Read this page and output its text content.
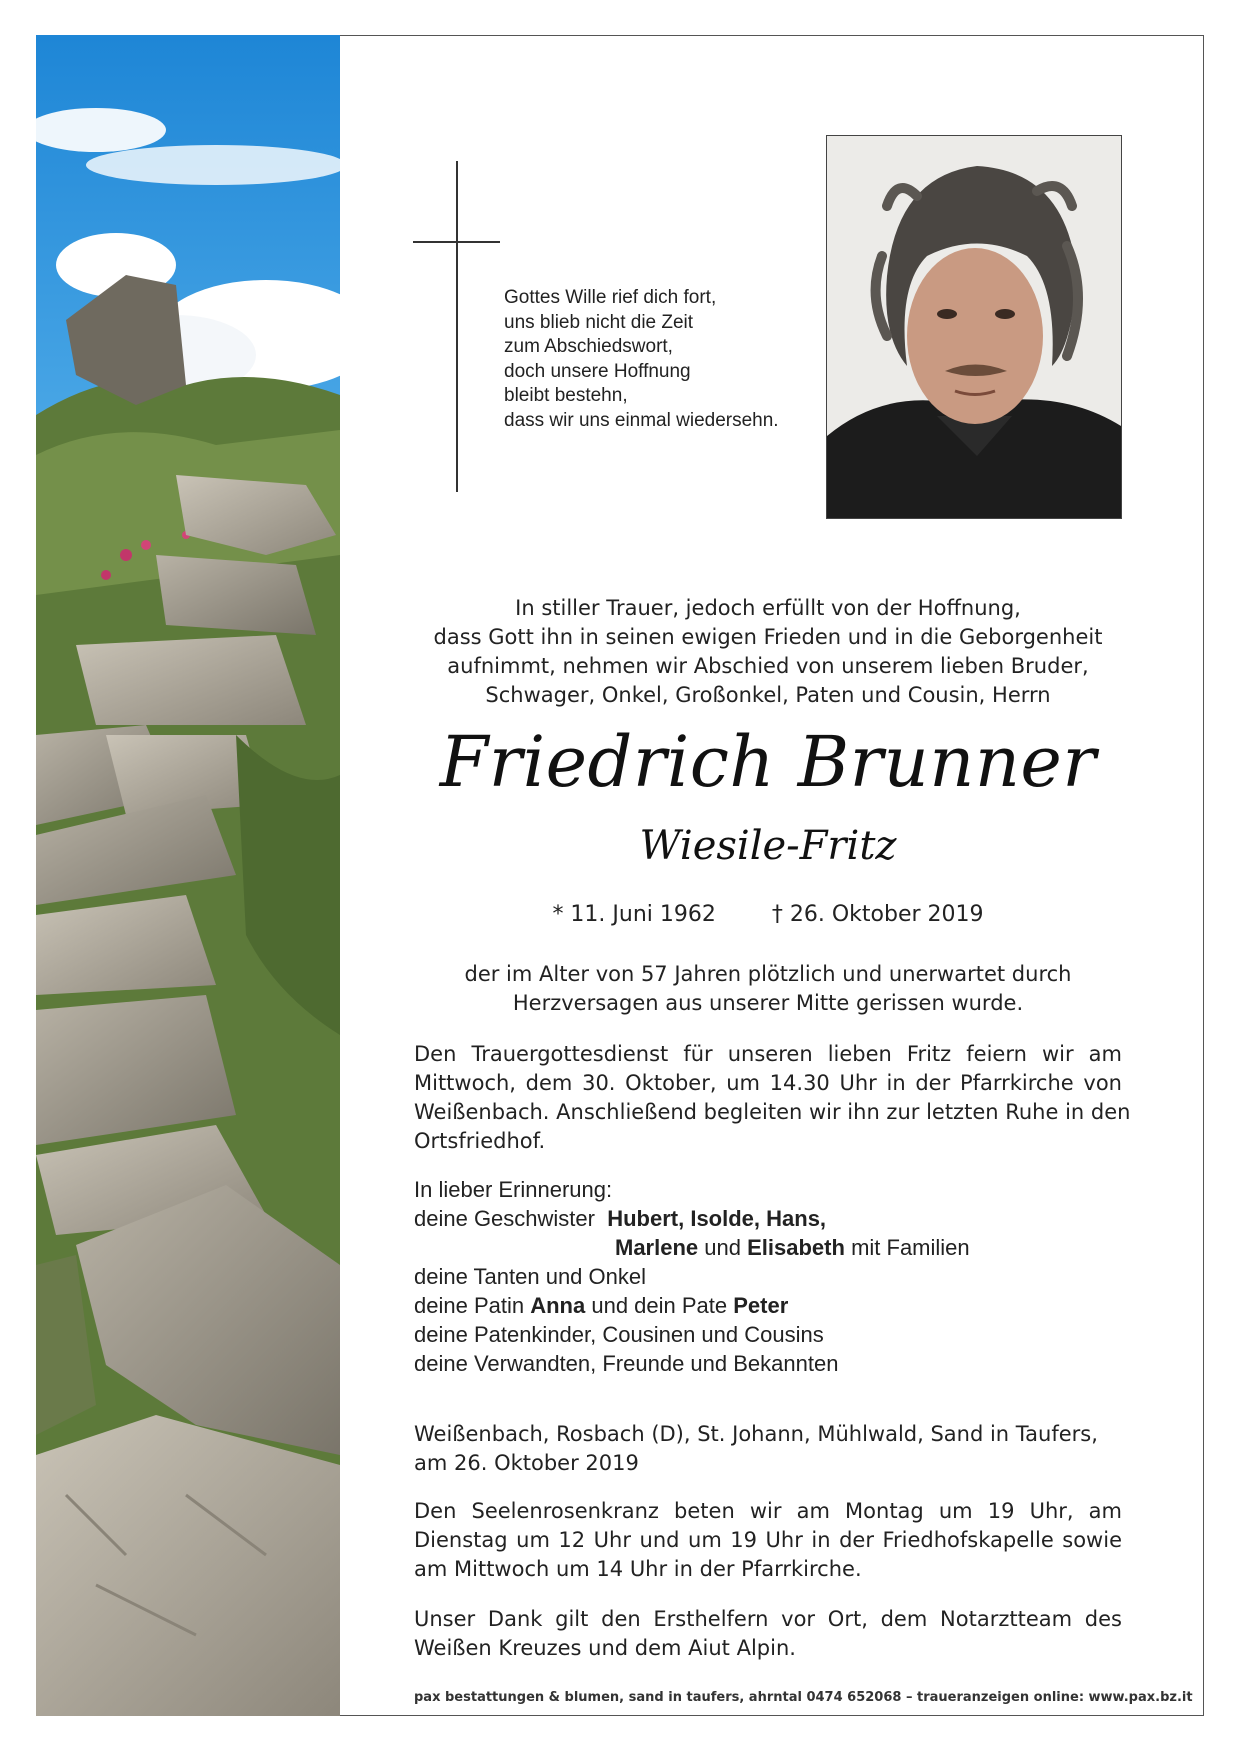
Gottes Wille rief dich fort,
uns blieb nicht die Zeit
zum Abschiedswort,
doch unsere Hoffnung
bleibt bestehn,
dass wir uns einmal wiedersehn.
In stiller Trauer, jedoch erfüllt von der Hoffnung,
dass Gott ihn in seinen ewigen Frieden und in die Geborgenheit
aufnimmt, nehmen wir Abschied von unserem lieben Bruder,
Schwager, Onkel, Großonkel, Paten und Cousin, Herrn
Friedrich Brunner
Wiesile-Fritz
* 11. Juni 1962	† 26. Oktober 2019
der im Alter von 57 Jahren plötzlich und unerwartet durch
Herzversagen aus unserer Mitte gerissen wurde.
Den Trauergottesdienst für unseren lieben Fritz feiern wir am
Mittwoch, dem 30. Oktober, um 14.30 Uhr in der Pfarrkirche von
Weißenbach. Anschließend begleiten wir ihn zur letzten Ruhe in den
Ortsfriedhof.
In lieber Erinnerung:
deine Geschwister Hubert, Isolde, Hans,
Marlene und Elisabeth mit Familien
deine Tanten und Onkel
deine Patin Anna und dein Pate Peter
deine Patenkinder, Cousinen und Cousins
deine Verwandten, Freunde und Bekannten
Weißenbach, Rosbach (D), St. Johann, Mühlwald, Sand in Taufers,
am 26. Oktober 2019
Den Seelenrosenkranz beten wir am Montag um 19 Uhr, am
Dienstag um 12 Uhr und um 19 Uhr in der Friedhofskapelle sowie
am Mittwoch um 14 Uhr in der Pfarrkirche.
Unser Dank gilt den Ersthelfern vor Ort, dem Notarztteam des
Weißen Kreuzes und dem Aiut Alpin.
pax bestattungen & blumen, sand in taufers, ahrntal 0474 652068 – traueranzeigen online: www.pax.bz.it
